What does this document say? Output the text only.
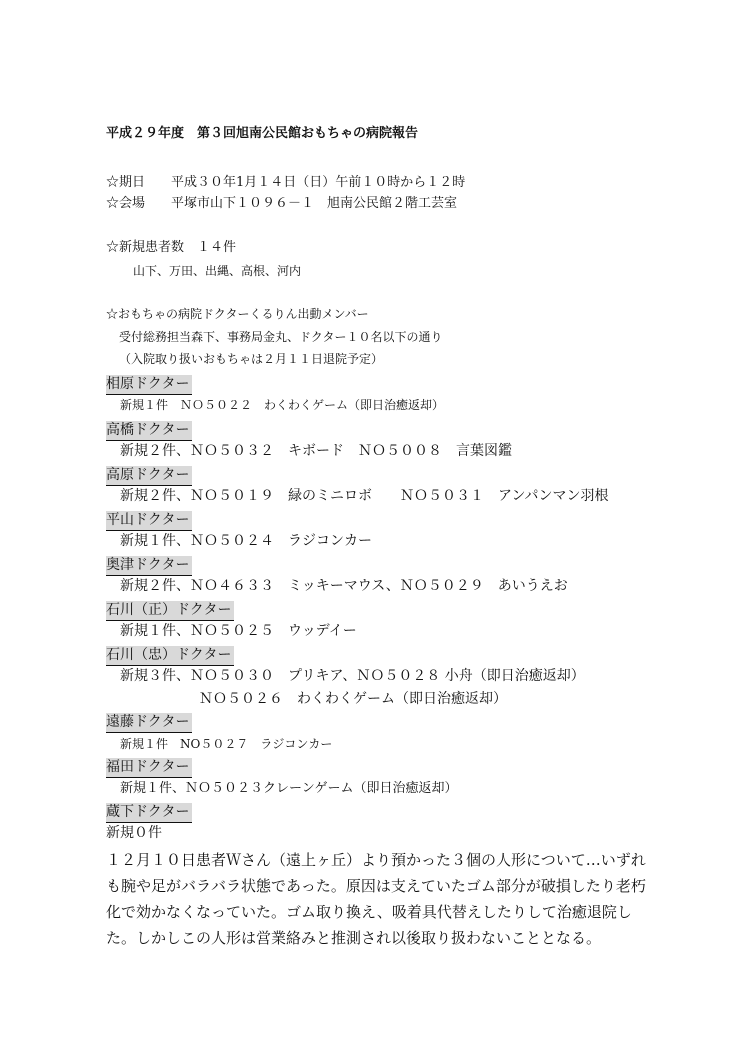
平成２９年度　第３回旭南公民館おもちゃの病院報告
☆期日　　平成３０年1月１４日（日）午前１０時から１２時
☆会場　　平塚市山下１０９６－１　旭南公民館２階工芸室
☆新規患者数　１４件
山下、万田、出縄、高根、河内
☆おもちゃの病院ドクターくるりん出動メンバー
受付総務担当森下、事務局金丸、ドクター１０名以下の通り
（入院取り扱いおもちゃは２月１１日退院予定）
相原ドクター
新規１件　ＮＯ５０２２　わくわくゲーム（即日治癒返却）
高橋ドクター
新規２件、ＮＯ５０３２　キボード　ＮＯ５００８　言葉図鑑
高原ドクター
新規２件、ＮＯ５０１９　緑のミニロボ　　ＮＯ５０３１　アンパンマン羽根
平山ドクター
新規１件、ＮＯ５０２４　ラジコンカー
奥津ドクター
新規２件、ＮＯ４６３３　ミッキーマウス、ＮＯ５０２９　あいうえお
石川（正）ドクター
新規１件、ＮＯ５０２５　ウッデイー
石川（忠）ドクター
新規３件、ＮＯ５０３０　プリキア、ＮＯ５０２８ 小舟（即日治癒返却）
ＮＯ５０２６　わくわくゲーム（即日治癒返却）
遠藤ドクター
新規１件　NO５０２７　ラジコンカー
福田ドクター
新規１件、ＮＯ５０２３クレーンゲーム（即日治癒返却）
蔵下ドクター
新規０件
１２月１０日患者Ｗさん（遠上ヶ丘）より預かった３個の人形について…いずれも腕や足がバラバラ状態であった。原因は支えていたゴム部分が破損したり老朽化で効かなくなっていた。ゴム取り換え、吸着具代替えしたりして治癒退院した。しかしこの人形は営業絡みと推測され以後取り扱わないこととなる。
